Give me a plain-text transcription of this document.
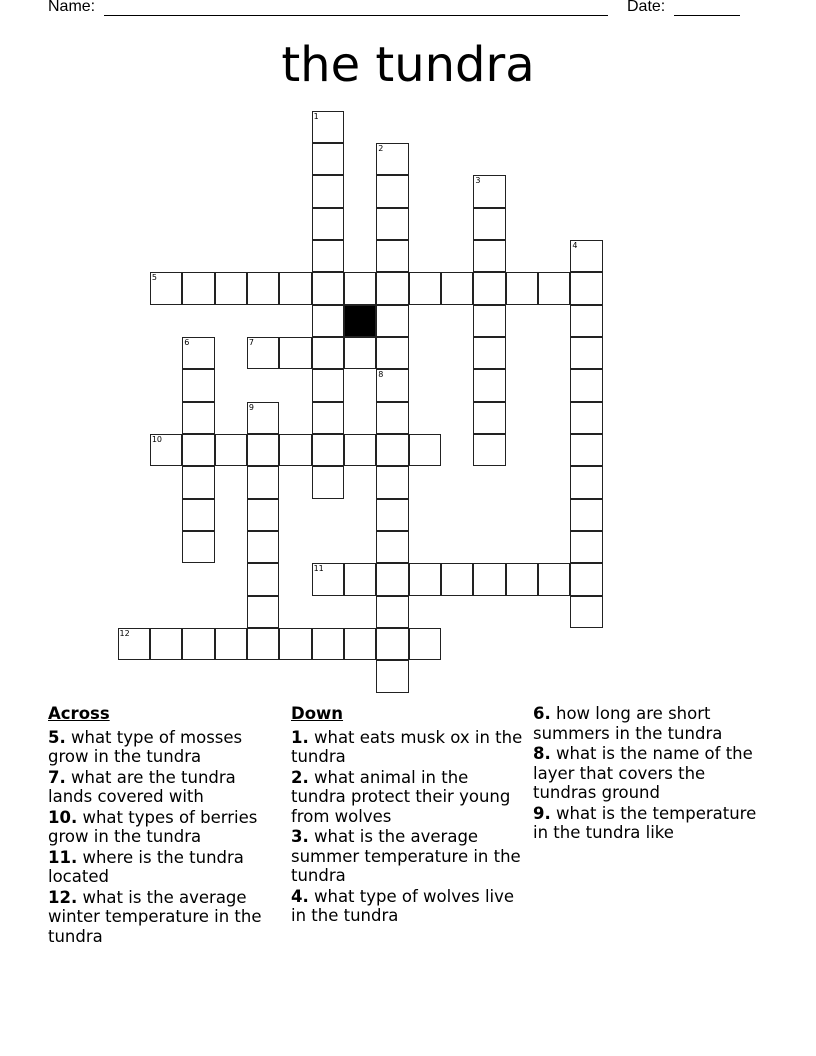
Name:	Date:
the tundra
1
2
3
4
5
6	7
8
9
10
11
12
Across
5. what type of mosses grow in the tundra
7. what are the tundra lands covered with
10. what types of berries grow in the tundra
11. where is the tundra located
12. what is the average winter temperature in the tundra
Down
1. what eats musk ox in the tundra
2. what animal in the tundra protect their young from wolves
3. what is the average summer temperature in the tundra
4. what type of wolves live in the tundra
6. how long are short summers in the tundra
8. what is the name of the layer that covers the tundras ground
9. what is the temperature in the tundra like
